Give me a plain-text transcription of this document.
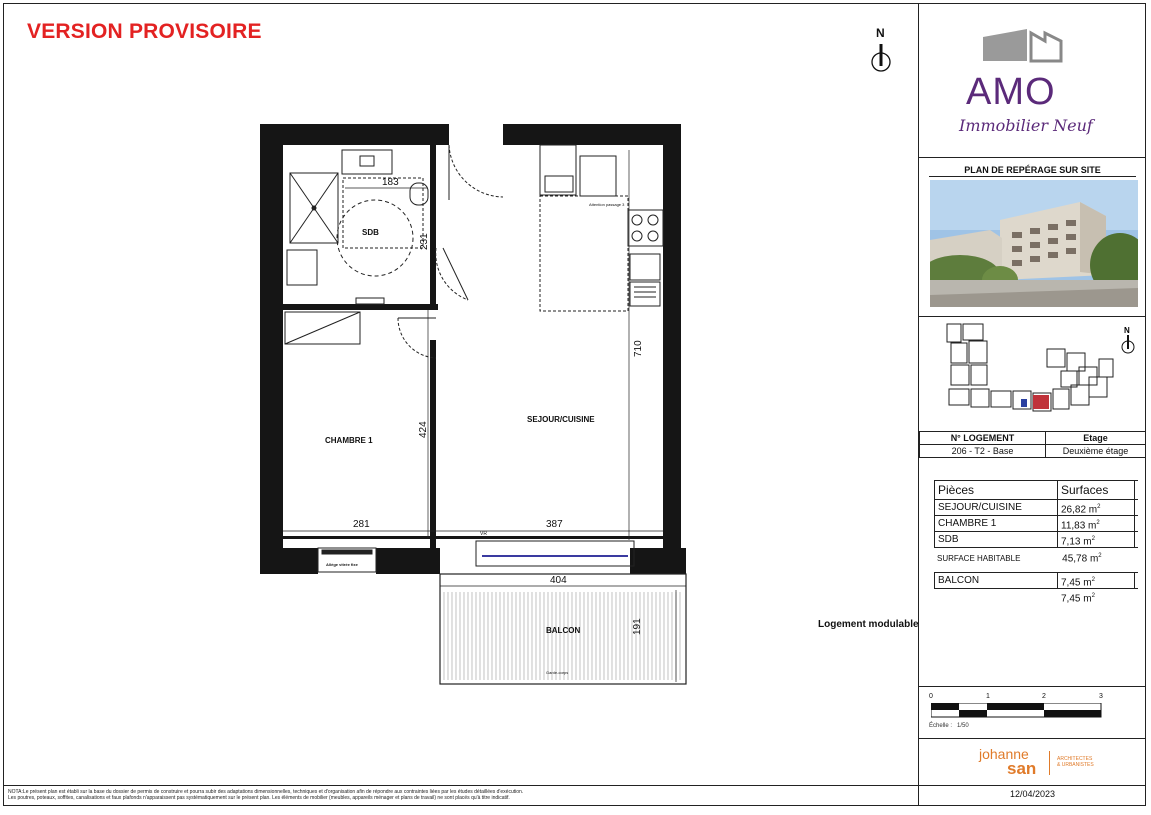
VERSION PROVISOIRE	N
183
231
710
424
281	387
404
191
SDB
CHAMBRE 1
SEJOUR/CUISINE
BALCON
VR
Attention passage 3
Allège vitrée fixe
Garde-corps
Logement modulable
NOTA:Le présent plan est établi sur la base du dossier de permis de construire et pourra subir des adaptations dimensionnelles, techniques et d'organisation afin de répondre aux contraintes liées par les études détaillées d'exécution.
Les poutres, poteaux, soffites, canalisations et faux plafonds n'apparaissent pas systématiquement sur le présent plan. Les éléments de mobilier (meubles, appareils ménager et plans de travail) ne sont placés qu'à titre indicatif.
AMO
Immobilier Neuf
PLAN DE REPÉRAGE SUR SITE
N
N° LOGEMENT	Etage
206 - T2 - Base	Deuxième étage
Pièces	Surfaces
SEJOUR/CUISINE	26,82 $m^2$
CHAMBRE 1	11,83 $m^2$
SDB	7,13 $m^2$
SURFACE HABITABLE	45,78 $m^2$
BALCON	7,45 $m^2$
7,45 $m^2$
0	1	2	3
Échelle : 1/50
johanne
san	ARCHITECTES
& URBANISTES
12/04/2023
